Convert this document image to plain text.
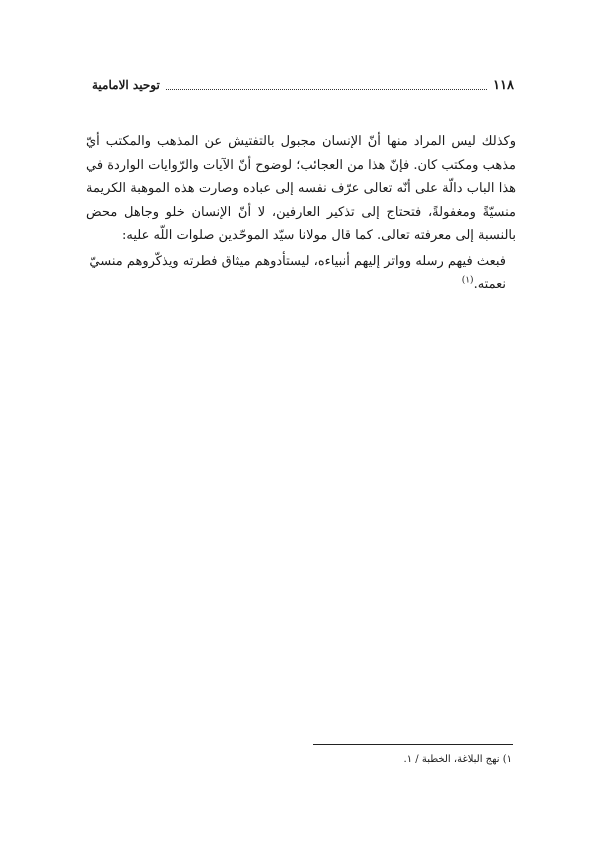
١١٨
توحيد الامامية

وكذلك ليس المراد منها أنّ الإنسان مجبول بالتفتيش عن المذهب والمكتب أيّ مذهب ومكتب كان. فإنّ هذا من العجائب؛ لوضوح أنّ الآيات والرّوايات الواردة في هذا الباب دالّة على أنّه تعالى عرّف نفسه إلى عباده وصارت هذه الموهبة الكريمة منسيّةً ومغفولةً، فتحتاج إلى تذكير العارفين، لا أنّ الإنسان خلو وجاهل محض بالنسبة إلى معرفته تعالى. كما قال مولانا سيّد الموحّدين صلوات اللّه عليه:

فبعث فيهم رسله وواتر إليهم أنبياءه، ليستأدوهم ميثاق فطرته ويذكّروهم منسيّ نعمته.$^{(١)}$

١) نهج البلاغة، الخطبة / ١.
